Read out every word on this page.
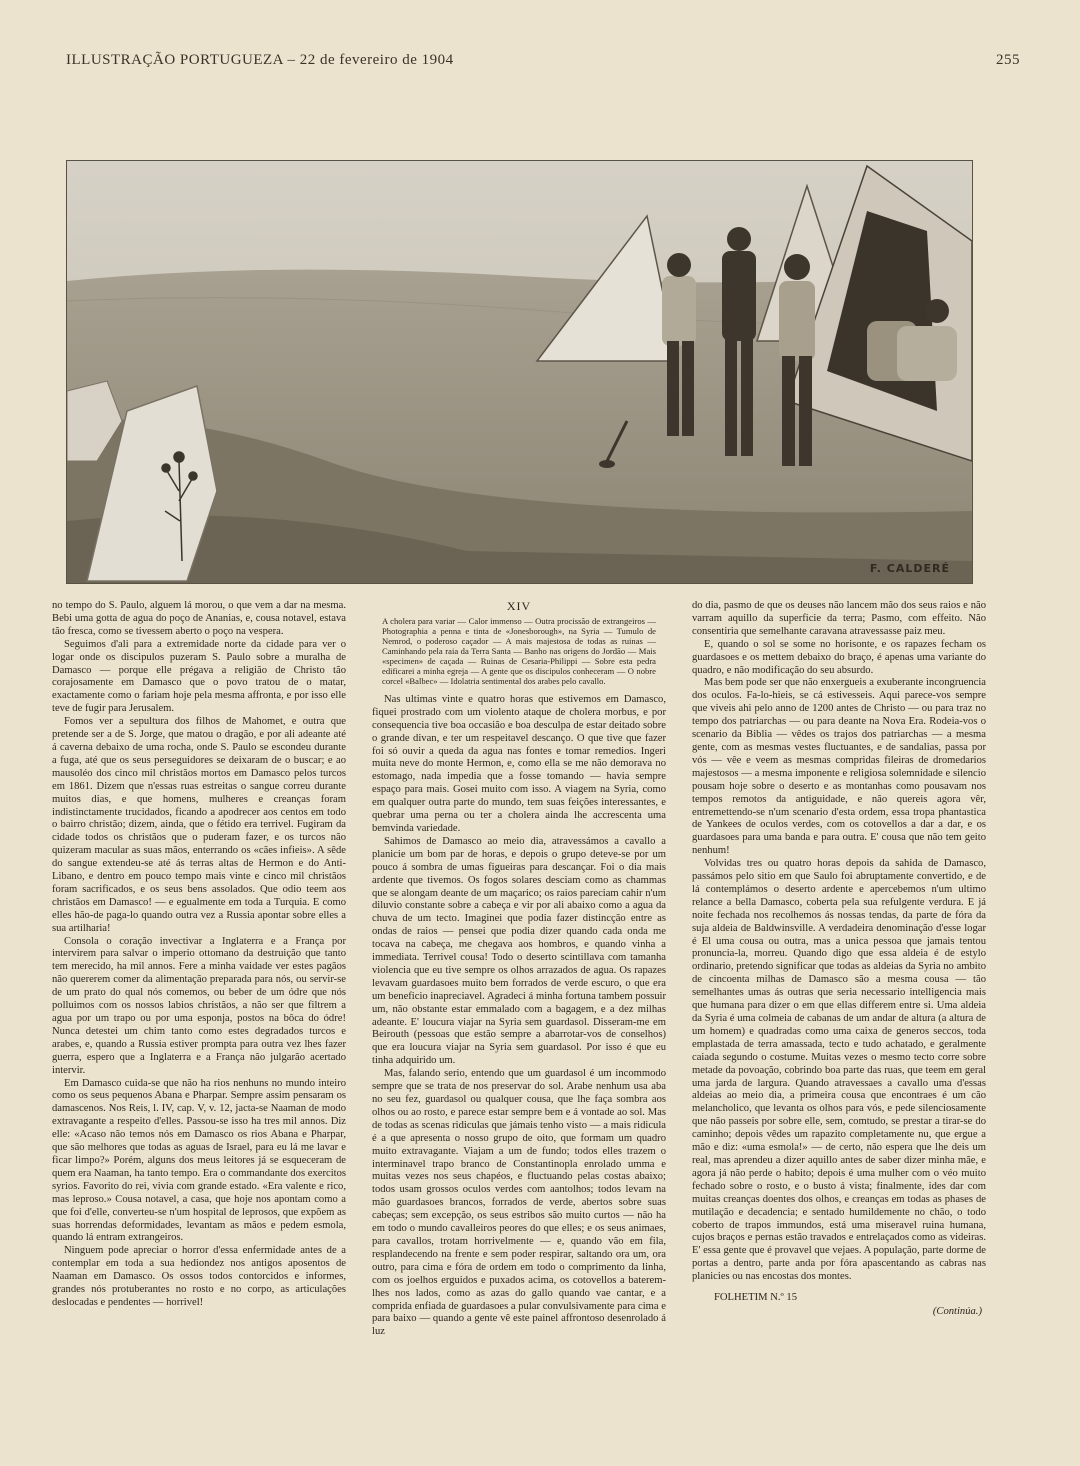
ILLUSTRAÇÃO PORTUGUEZA – 22 de fevereiro de 1904	255
F. CALDERÉ

no tempo do S. Paulo, alguem lá morou, o que vem a dar na mesma. Bebi uma gotta de agua do poço de Ananias, e, cousa notavel, estava tão fresca, como se tivessem aberto o poço na vespera.

Seguimos d'ali para a extremidade norte da cidade para ver o logar onde os discipulos puzeram S. Paulo sobre a muralha de Damasco — porque elle prégava a religião de Christo tão corajosamente em Damasco que o povo tratou de o matar, exactamente como o fariam hoje pela mesma affronta, e por isso elle teve de fugir para Jerusalem.

Fomos ver a sepultura dos filhos de Mahomet, e outra que pretende ser a de S. Jorge, que matou o dragão, e por ali adeante até á caverna debaixo de uma rocha, onde S. Paulo se escondeu durante a fuga, até que os seus perseguidores se deixaram de o buscar; e ao mausoléo dos cinco mil christãos mortos em Damasco pelos turcos em 1861. Dizem que n'essas ruas estreitas o sangue correu durante muitos dias, e que homens, mulheres e creanças foram indistinctamente trucidados, ficando a apodrecer aos centos em todo o bairro christão; dizem, ainda, que o fétido era terrivel. Fugiram da cidade todos os christãos que o puderam fazer, e os turcos não quizeram macular as suas mãos, enterrando os «cães infieis». A sêde do sangue extendeu-se até ás terras altas de Hermon e do Anti-Libano, e dentro em pouco tempo mais vinte e cinco mil christãos foram sacrificados, e os seus bens assolados. Que odio teem aos christãos em Damasco! — e egualmente em toda a Turquia. E como elles hão-de paga-lo quando outra vez a Russia apontar sobre elles a sua artilharia!

Consola o coração invectivar a Inglaterra e a França por intervirem para salvar o imperio ottomano da destruição que tanto tem merecido, ha mil annos. Fere a minha vaidade ver estes pagãos não quererem comer da alimentação preparada para nós, ou servir-se de um prato do qual nós comemos, ou beber de um ódre que nós polluimos com os nossos labios christãos, a não ser que filtrem a agua por um trapo ou por uma esponja, postos na bôca do ódre! Nunca detestei um chim tanto como estes degradados turcos e arabes, e, quando a Russia estiver prompta para outra vez lhes fazer guerra, espero que a Inglaterra e a França não julgarão acertado intervir.

Em Damasco cuida-se que não ha rios nenhuns no mundo inteiro como os seus pequenos Abana e Pharpar. Sempre assim pensaram os damascenos. Nos Reis, l. IV, cap. V, v. 12, jacta-se Naaman de modo extravagante a respeito d'elles. Passou-se isso ha tres mil annos. Diz elle: «Acaso não temos nós em Damasco os rios Abana e Pharpar, que são melhores que todas as aguas de Israel, para eu lá me lavar e ficar limpo?» Porém, alguns dos meus leitores já se esqueceram de quem era Naaman, ha tanto tempo. Era o commandante dos exercitos syrios. Favorito do rei, vivia com grande estado. «Era valente e rico, mas leproso.» Cousa notavel, a casa, que hoje nos apontam como a que foi d'elle, converteu-se n'um hospital de leprosos, que expõem as suas horrendas deformidades, levantam as mãos e pedem esmola, quando lá entram extrangeiros.

Ninguem pode apreciar o horror d'essa enfermidade antes de a contemplar em toda a sua hediondez nos antigos aposentos de Naaman em Damasco. Os ossos todos contorcidos e informes, grandes nós protuberantes no rosto e no corpo, as articulações deslocadas e pendentes — horrivel!

XIV
A cholera para variar — Calor immenso — Outra procissão de extrangeiros — Photographia a penna e tinta de «Jonesborough», na Syria — Tumulo de Nemrod, o poderoso caçador — A mais majestosa de todas as ruinas — Caminhando pela raia da Terra Santa — Banho nas origens do Jordão — Mais «specimen» de caçada — Ruinas de Cesaria-Philippi — Sobre esta pedra edificarei a minha egreja — A gente que os discipulos conheceram — O nobre corcel «Balbec» — Idolatria sentimental dos arabes pelo cavallo.

Nas ultimas vinte e quatro horas que estivemos em Damasco, fiquei prostrado com um violento ataque de cholera morbus, e por consequencia tive boa occasião e boa desculpa de estar deitado sobre o grande divan, e ter um respeitavel descanço. O que tive que fazer foi só ouvir a queda da agua nas fontes e tomar remedios. Ingeri muita neve do monte Hermon, e, como ella se me não demorava no estomago, nada impedia que a fosse tomando — havia sempre espaço para mais. Gosei muito com isso. A viagem na Syria, como em qualquer outra parte do mundo, tem suas feições interessantes, e quebrar uma perna ou ter a cholera ainda lhe accrescenta uma bemvinda variedade.

Sahimos de Damasco ao meio dia, atravessámos a cavallo a planicie um bom par de horas, e depois o grupo deteve-se por um pouco á sombra de umas figueiras para descançar. Foi o dia mais ardente que tivemos. Os fogos solares desciam como as chammas que se alongam deante de um maçarico; os raios pareciam cahir n'um diluvio constante sobre a cabeça e vir por ali abaixo como a agua da chuva de um tecto. Imaginei que podia fazer distincção entre as ondas de raios — pensei que podia dizer quando cada onda me tocava na cabeça, me chegava aos hombros, e quando vinha a immediata. Terrivel cousa! Todo o deserto scintillava com tamanha violencia que eu tive sempre os olhos arrazados de agua. Os rapazes levavam guardasoes muito bem forrados de verde escuro, o que era um beneficio inapreciavel. Agradeci á minha fortuna tambem possuir um, não obstante estar emmalado com a bagagem, e a dez milhas adeante. E' loucura viajar na Syria sem guardasol. Disseram-me em Beirouth (pessoas que estão sempre a abarrotar-vos de conselhos) que era loucura viajar na Syria sem guardasol. Por isso é que eu tinha adquirido um.

Mas, falando serio, entendo que um guardasol é um incommodo sempre que se trata de nos preservar do sol. Arabe nenhum usa aba no seu fez, guardasol ou qualquer cousa, que lhe faça sombra aos olhos ou ao rosto, e parece estar sempre bem e á vontade ao sol. Mas de todas as scenas ridiculas que jámais tenho visto — a mais ridicula é a que apresenta o nosso grupo de oito, que formam um quadro muito extravagante. Viajam a um de fundo; todos elles trazem o interminavel trapo branco de Constantinopla enrolado umma e muitas vezes nos seus chapéos, e fluctuando pelas costas abaixo; todos usam grossos oculos verdes com aantolhos; todos levam na mão guardasoes brancos, forrados de verde, abertos sobre suas cabeças; sem excepção, os seus estribos são muito curtos — não ha em todo o mundo cavalleiros peores do que elles; e os seus animaes, para cavallos, trotam horrivelmente — e, quando vão em fila, resplandecendo na frente e sem poder respirar, saltando ora um, ora outro, para cima e fóra de ordem em todo o comprimento da linha, com os joelhos erguidos e puxados acima, os cotovellos a baterem-lhes nos lados, como as azas do gallo quando vae cantar, e a comprida enfiada de guardasoes a pular convulsivamente para cima e para baixo — quando a gente vê este painel affrontoso desenrolado á luz

do dia, pasmo de que os deuses não lancem mão dos seus raios e não varram aquillo da superficie da terra; Pasmo, com effeito. Não consentiria que semelhante caravana atravessasse paiz meu.

E, quando o sol se some no horisonte, e os rapazes fecham os guardasoes e os mettem debaixo do braço, é apenas uma variante do quadro, e não modificação do seu absurdo.

Mas bem pode ser que não enxergueis a exuberante incongruencia dos oculos. Fa-lo-hieis, se cá estivesseis. Aqui parece-vos sempre que viveis ahi pelo anno de 1200 antes de Christo — ou para traz no tempo dos patriarchas — ou para deante na Nova Era. Rodeia-vos o scenario da Biblia — vêdes os trajos dos patriarchas — a mesma gente, com as mesmas vestes fluctuantes, e de sandalias, passa por vós — vêe e veem as mesmas compridas fileiras de dromedarios majestosos — a mesma imponente e religiosa solemnidade e silencio pousam hoje sobre o deserto e as montanhas como pousavam nos tempos remotos da antiguidade, e não quereis agora vêr, entremettendo-se n'um scenario d'esta ordem, essa tropa phantastica de Yankees de oculos verdes, com os cotovellos a dar a dar, e os guardasoes para uma banda e para outra. E' cousa que não tem geito nenhum!

Volvidas tres ou quatro horas depois da sahida de Damasco, passámos pelo sitio em que Saulo foi abruptamente convertido, e de lá contemplámos o deserto ardente e apercebemos n'um ultimo relance a bella Damasco, coberta pela sua refulgente verdura. E já noite fechada nos recolhemos ás nossas tendas, da parte de fóra da suja aldeia de Baldwinsville. A verdadeira denominação d'esse logar é El uma cousa ou outra, mas a unica pessoa que jamais tentou pronuncia-la, morreu. Quando digo que essa aldeia é de estylo ordinario, pretendo significar que todas as aldeias da Syria no ambito de cincoenta milhas de Damasco são a mesma cousa — tão semelhantes umas ás outras que seria necessario intelligencia mais que humana para dizer o em que ellas differem entre si. Uma aldeia da Syria é uma colmeia de cabanas de um andar de altura (a altura de um homem) e quadradas como uma caixa de generos seccos, toda emplastada de terra amassada, tecto e tudo achatado, e geralmente caiada segundo o costume. Muitas vezes o mesmo tecto corre sobre metade da povoação, cobrindo boa parte das ruas, que teem em geral uma jarda de largura. Quando atravessaes a cavallo uma d'essas aldeias ao meio dia, a primeira cousa que encontraes é um cão melancholico, que levanta os olhos para vós, e pede silenciosamente que não passeis por sobre elle, sem, comtudo, se prestar a tirar-se do caminho; depois vêdes um rapazito completamente nu, que ergue a mão e diz: «uma esmola!» — de certo, não espera que lhe deis um real, mas aprendeu a dizer aquillo antes de saber dizer minha mãe, e agora já não perde o habito; depois é uma mulher com o véo muito fechado sobre o rosto, e o busto á vista; finalmente, ides dar com muitas creanças doentes dos olhos, e creanças em todas as phases de mutilação e decadencia; e sentado humildemente no chão, o todo coberto de trapos immundos, está uma miseravel ruina humana, cujos braços e pernas estão travados e entrelaçados como as videiras. E' essa gente que é provavel que vejaes. A população, parte dorme de portas a dentro, parte anda por fóra apascentando as cabras nas planicies ou nas encostas dos montes.

FOLHETIM N.º 15
(Continúa.)
